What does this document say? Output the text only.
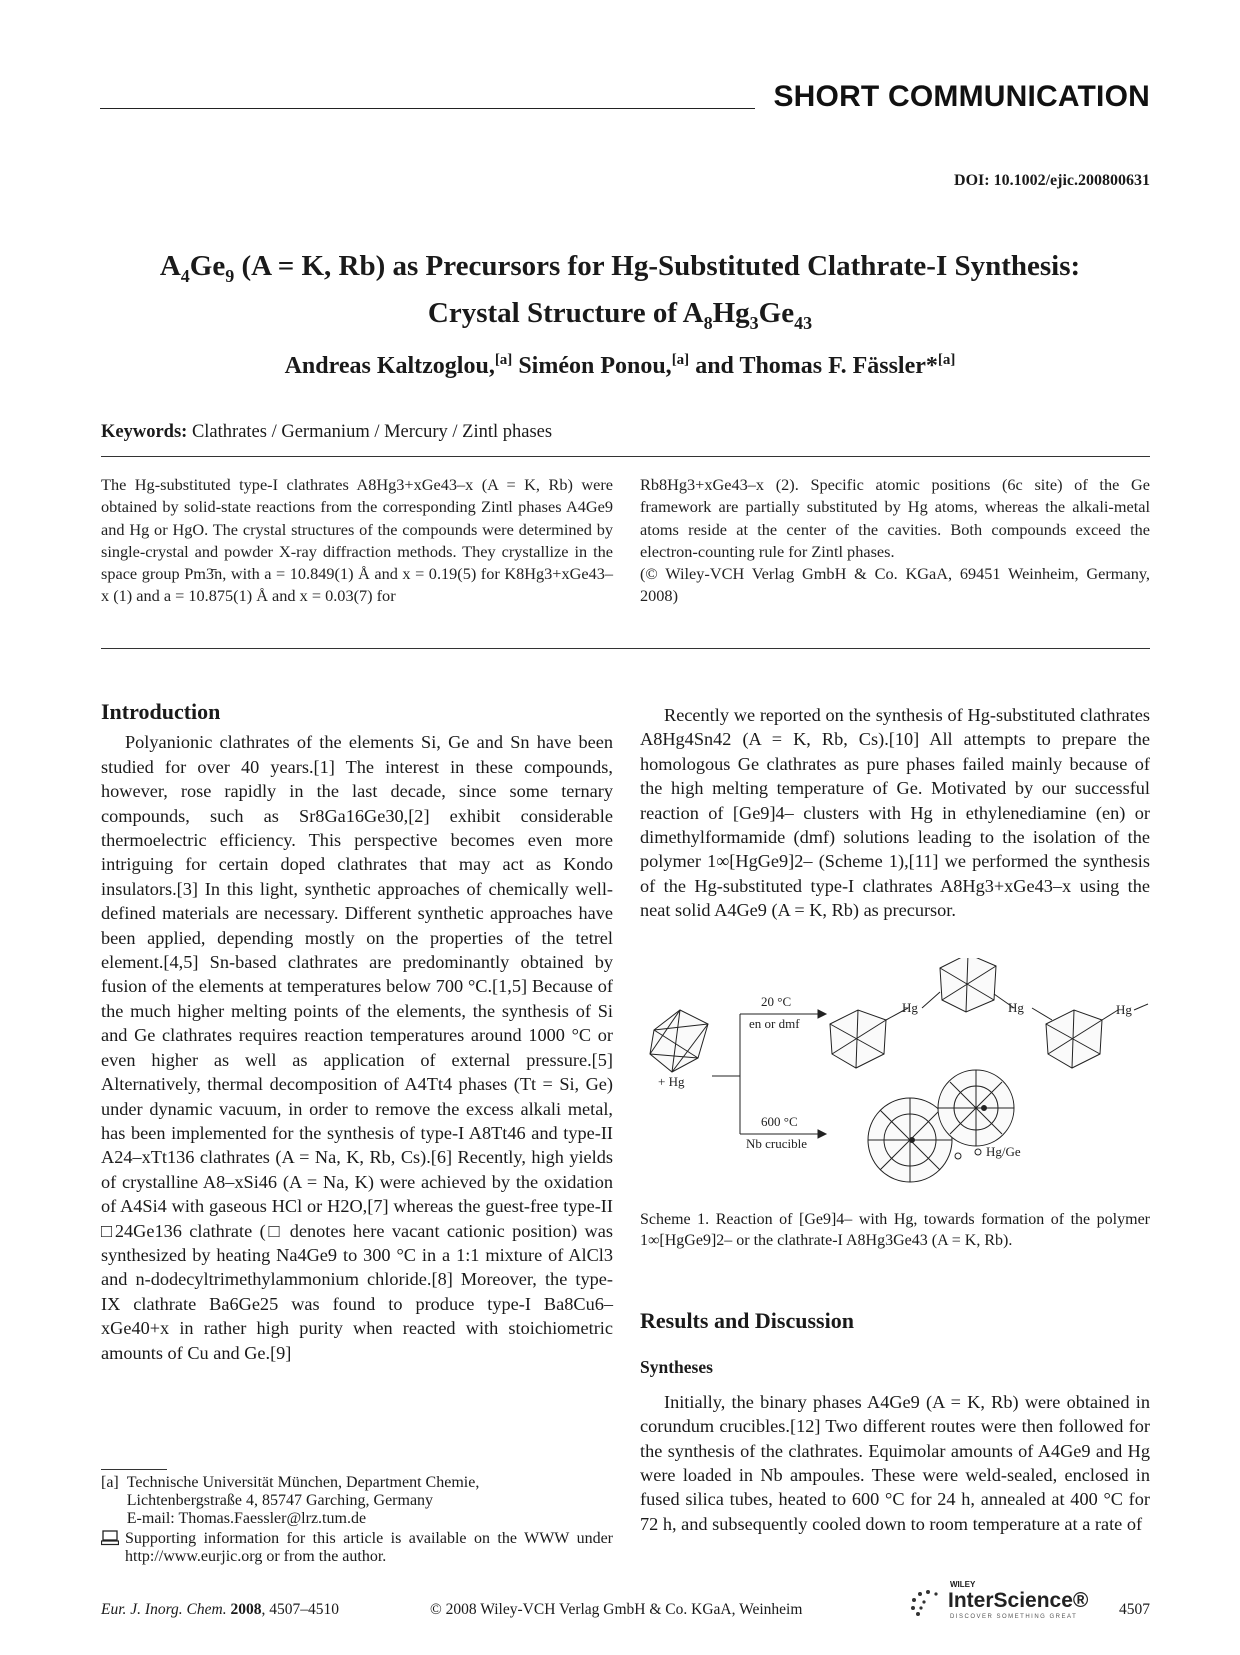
SHORT COMMUNICATION
DOI: 10.1002/ejic.200800631
$A_4Ge_9$ (A = K, Rb) as Precursors for Hg-Substituted Clathrate-I Synthesis:
Crystal Structure of $A_8Hg_3Ge_{43}$
Andreas Kaltzoglou,[a] Siméon Ponou,[a] and Thomas F. Fässler*[a]
Keywords: Clathrates / Germanium / Mercury / Zintl phases
The Hg-substituted type-I clathrates A8Hg3+xGe43–x (A = K, Rb) were obtained by solid-state reactions from the corresponding Zintl phases A4Ge9 and Hg or HgO. The crystal structures of the compounds were determined by single-crystal and powder X-ray diffraction methods. They crystallize in the space group Pm3̄n, with a = 10.849(1) Å and x = 0.19(5) for K8Hg3+xGe43–x (1) and a = 10.875(1) Å and x = 0.03(7) for
Rb8Hg3+xGe43–x (2). Specific atomic positions (6c site) of the Ge framework are partially substituted by Hg atoms, whereas the alkali-metal atoms reside at the center of the cavities. Both compounds exceed the electron-counting rule for Zintl phases.
(© Wiley-VCH Verlag GmbH & Co. KGaA, 69451 Weinheim, Germany, 2008)
Introduction

Polyanionic clathrates of the elements Si, Ge and Sn have been studied for over 40 years.[1] The interest in these compounds, however, rose rapidly in the last decade, since some ternary compounds, such as Sr8Ga16Ge30,[2] exhibit considerable thermoelectric efficiency. This perspective becomes even more intriguing for certain doped clathrates that may act as Kondo insulators.[3] In this light, synthetic approaches of chemically well-defined materials are necessary. Different synthetic approaches have been applied, depending mostly on the properties of the tetrel element.[4,5] Sn-based clathrates are predominantly obtained by fusion of the elements at temperatures below 700 °C.[1,5] Because of the much higher melting points of the elements, the synthesis of Si and Ge clathrates requires reaction temperatures around 1000 °C or even higher as well as application of external pressure.[5] Alternatively, thermal decomposition of A4Tt4 phases (Tt = Si, Ge) under dynamic vacuum, in order to remove the excess alkali metal, has been implemented for the synthesis of type-I A8Tt46 and type-II A24–xTt136 clathrates (A = Na, K, Rb, Cs).[6] Recently, high yields of crystalline A8–xSi46 (A = Na, K) were achieved by the oxidation of A4Si4 with gaseous HCl or H2O,[7] whereas the guest-free type-II □24Ge136 clathrate (□ denotes here vacant cationic position) was synthesized by heating Na4Ge9 to 300 °C in a 1:1 mixture of AlCl3 and n-dodecyltrimethylammonium chloride.[8] Moreover, the type-IX clathrate Ba6Ge25 was found to produce type-I Ba8Cu6–xGe40+x in rather high purity when reacted with stoichiometric amounts of Cu and Ge.[9]

Recently we reported on the synthesis of Hg-substituted clathrates A8Hg4Sn42 (A = K, Rb, Cs).[10] All attempts to prepare the homologous Ge clathrates as pure phases failed mainly because of the high melting temperature of Ge. Motivated by our successful reaction of [Ge9]4– clusters with Hg in ethylenediamine (en) or dimethylformamide (dmf) solutions leading to the isolation of the polymer 1∞[HgGe9]2– (Scheme 1),[11] we performed the synthesis of the Hg-substituted type-I clathrates A8Hg3+xGe43–x using the neat solid A4Ge9 (A = K, Rb) as precursor.

20 °C
en or dmf
+ Hg
600 °C
Nb crucible
Hg	Hg	Hg
Hg/Ge
Scheme 1. Reaction of [Ge9]4– with Hg, towards formation of the polymer 1∞[HgGe9]2– or the clathrate-I A8Hg3Ge43 (A = K, Rb).
Results and Discussion
Syntheses

Initially, the binary phases A4Ge9 (A = K, Rb) were obtained in corundum crucibles.[12] Two different routes were then followed for the synthesis of the clathrates. Equimolar amounts of A4Ge9 and Hg were loaded in Nb ampoules. These were weld-sealed, enclosed in fused silica tubes, heated to 600 °C for 24 h, annealed at 400 °C for 72 h, and subsequently cooled down to room temperature at a rate of

[a] Technische Universität München, Department Chemie,
Lichtenbergstraße 4, 85747 Garching, Germany
E-mail: Thomas.Faessler@lrz.tum.de
Supporting information for this article is available on the WWW under http://www.eurjic.org or from the author.
Eur. J. Inorg. Chem. 2008, 4507–4510	© 2008 Wiley-VCH Verlag GmbH & Co. KGaA, Weinheim
WILEY
InterScience®
DISCOVER SOMETHING GREAT	4507
